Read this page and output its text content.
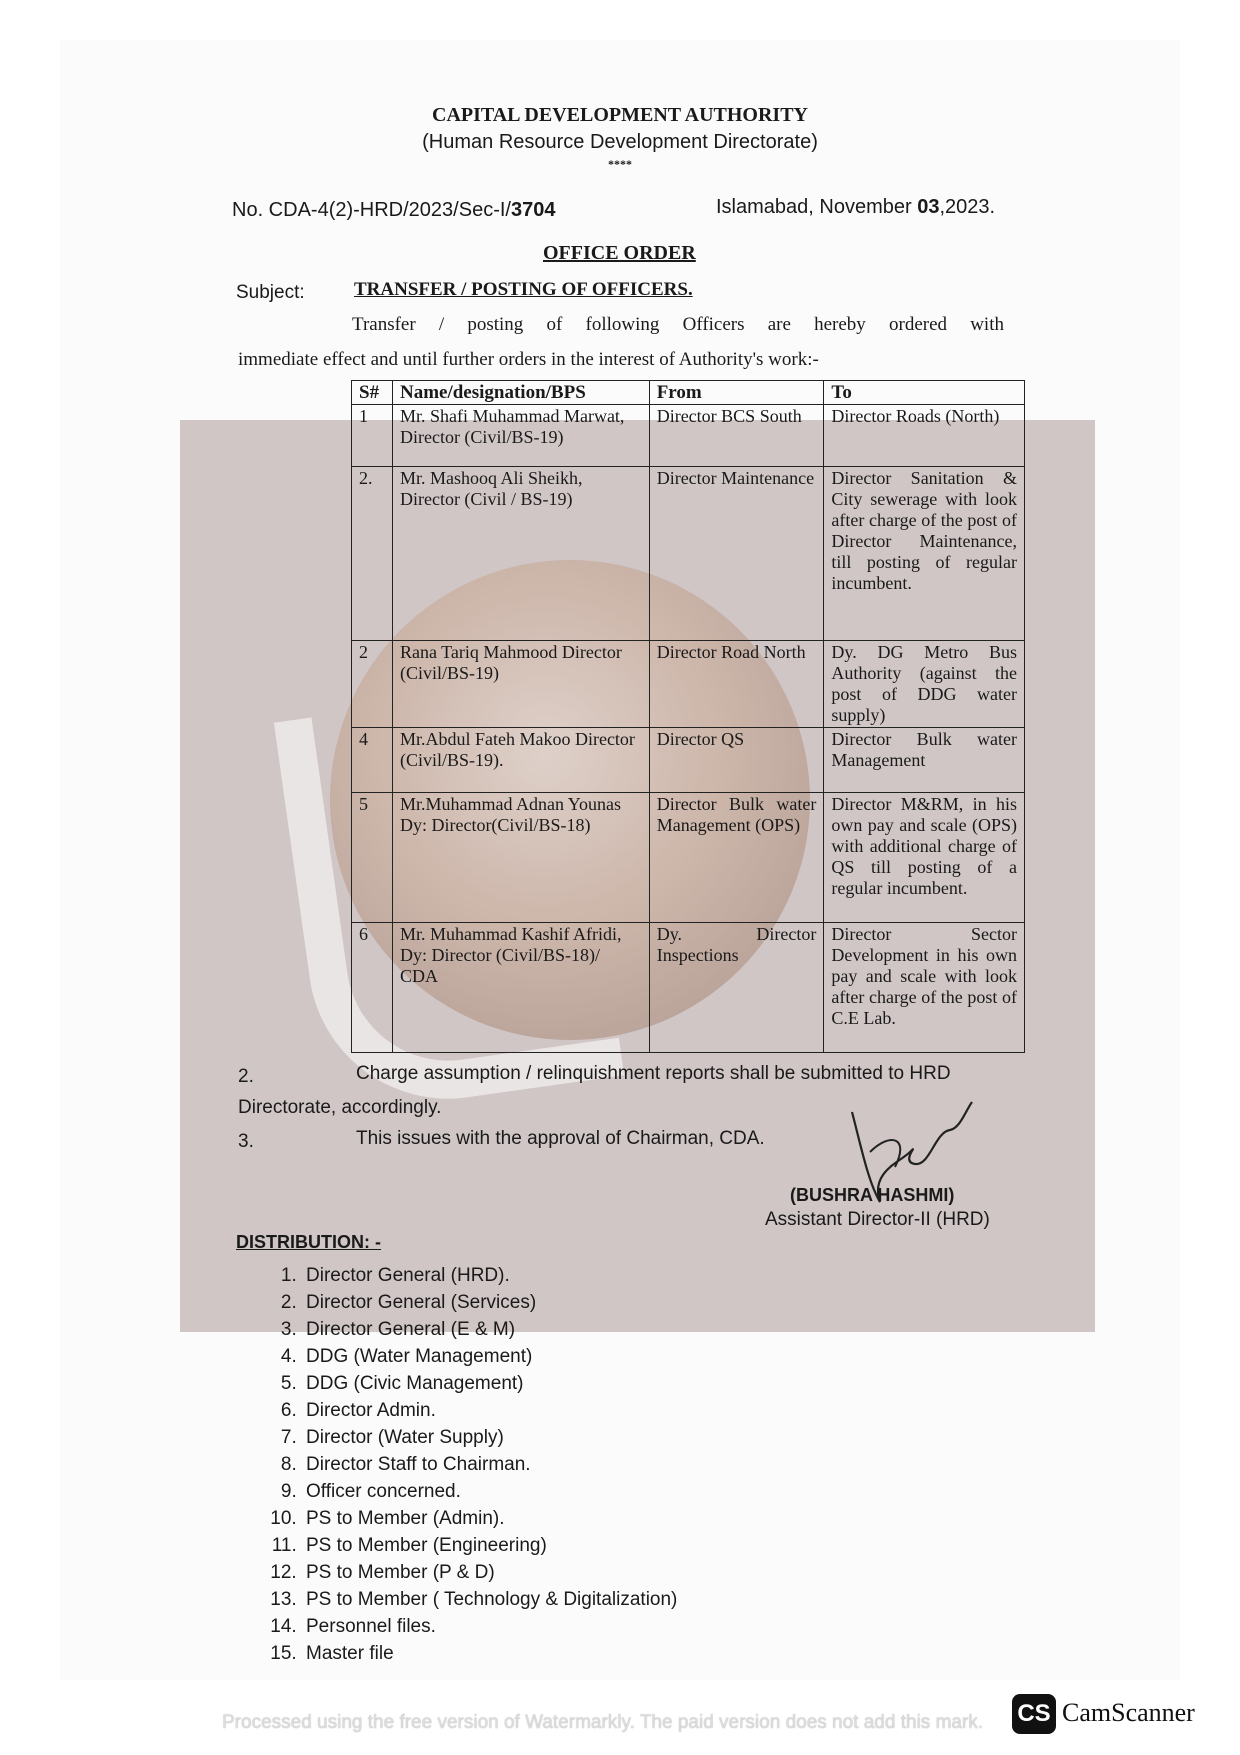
CAPITAL DEVELOPMENT AUTHORITY
(Human Resource Development Directorate)
****
No. CDA-4(2)-HRD/2023/Sec-I/3704	Islamabad, November 03,2023.
OFFICE ORDER
Subject:	TRANSFER / POSTING OF OFFICERS.
Transfer / posting of following Officers are hereby ordered with
immediate effect and until further orders in the interest of Authority's work:-
S#	Name/designation/BPS	From	To
1	Mr. Shafi Muhammad Marwat, Director (Civil/BS-19)	Director BCS South	Director Roads (North)
2.	Mr. Mashooq Ali Sheikh, Director (Civil / BS-19)	Director Maintenance	Director Sanitation & City sewerage with look after charge of the post of Director Maintenance, till posting of regular incumbent.
2	Rana Tariq Mahmood Director (Civil/BS-19)	Director Road North	Dy. DG Metro Bus Authority (against the post of DDG water supply)
4	Mr.Abdul Fateh Makoo Director (Civil/BS-19).	Director QS	Director Bulk water Management
5	Mr.Muhammad Adnan Younas Dy: Director(Civil/BS-18)	Director Bulk water Management (OPS)	Director M&RM, in his own pay and scale (OPS) with additional charge of QS till posting of a regular incumbent.
6	Mr. Muhammad Kashif Afridi, Dy: Director (Civil/BS-18)/ CDA	Dy. Director Inspections	Director Sector Development in his own pay and scale with look after charge of the post of C.E Lab.
2.	Charge assumption / relinquishment reports shall be submitted to HRD
Directorate, accordingly.
3.	This issues with the approval of Chairman, CDA.
(BUSHRA HASHMI)
Assistant Director-II (HRD)
DISTRIBUTION: -
1. Director General (HRD).
2. Director General (Services)
3. Director General (E & M)
4. DDG (Water Management)
5. DDG (Civic Management)
6. Director Admin.
7. Director (Water Supply)
8. Director Staff to Chairman.
9. Officer concerned.
10. PS to Member (Admin).
11. PS to Member (Engineering)
12. PS to Member (P & D)
13. PS to Member ( Technology & Digitalization)
14. Personnel files.
15. Master file
Processed using the free version of Watermarkly. The paid version does not add this mark. CS CamScanner
